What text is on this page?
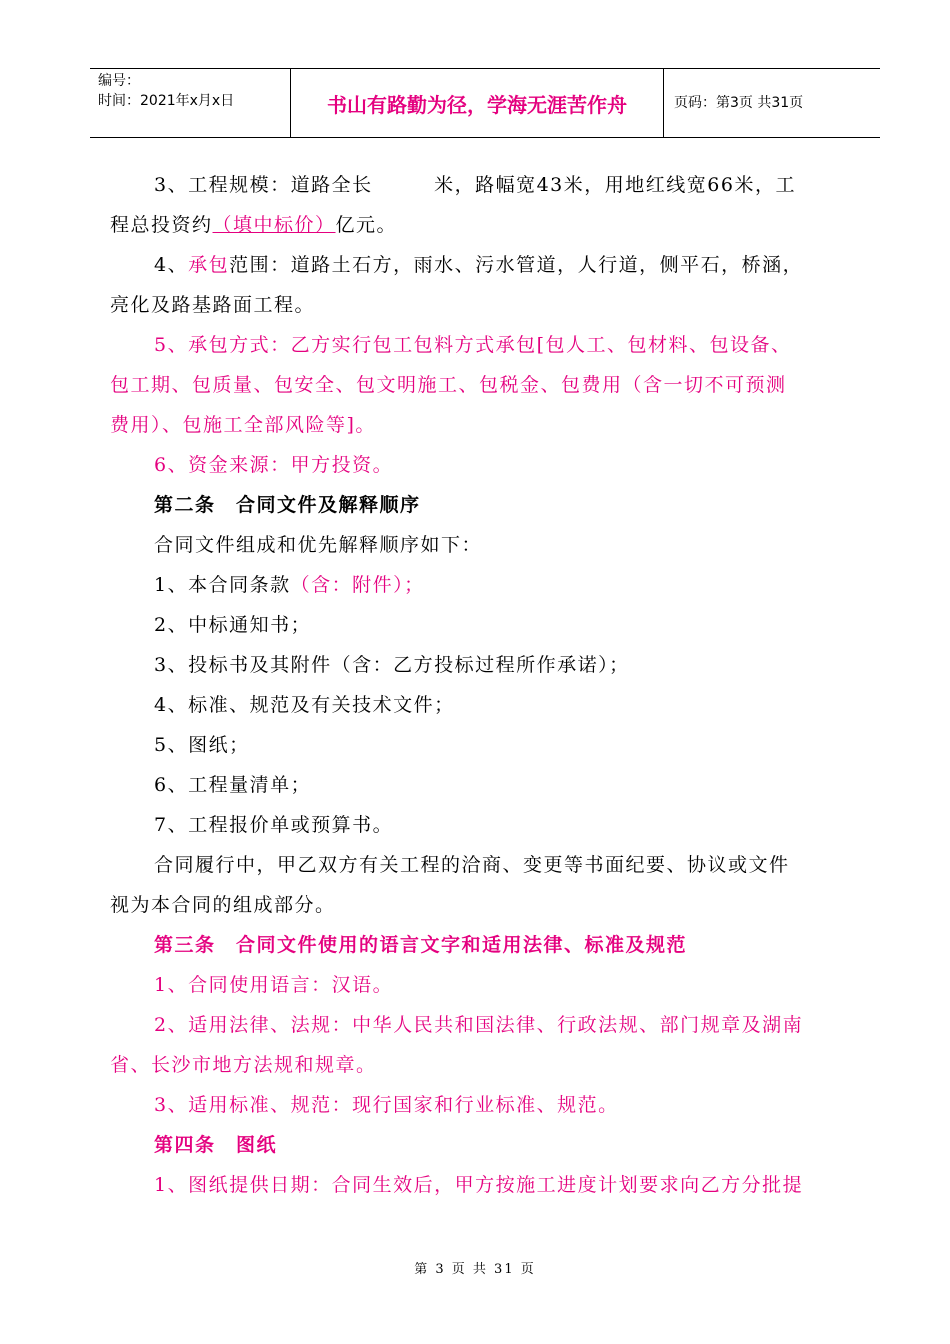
编号：
时间：2021年x月x日	书山有路勤为径，学海无涯苦作舟	页码：第3页 共31页

3、工程规模：道路全长　　　米，路幅宽43米，用地红线宽66米，工

程总投资约（填中标价）亿元。

4、承包范围：道路土石方，雨水、污水管道，人行道，侧平石，桥涵，

亮化及路基路面工程。

5、承包方式：乙方实行包工包料方式承包[包人工、包材料、包设备、

包工期、包质量、包安全、包文明施工、包税金、包费用（含一切不可预测

费用）、包施工全部风险等]。

6、资金来源：甲方投资。

第二条　合同文件及解释顺序

合同文件组成和优先解释顺序如下：

1、本合同条款（含：附件）；

2、中标通知书；

3、投标书及其附件（含：乙方投标过程所作承诺）；

4、标准、规范及有关技术文件；

5、图纸；

6、工程量清单；

7、工程报价单或预算书。

合同履行中，甲乙双方有关工程的洽商、变更等书面纪要、协议或文件

视为本合同的组成部分。

第三条　合同文件使用的语言文字和适用法律、标准及规范

1、合同使用语言：汉语。

2、适用法律、法规：中华人民共和国法律、行政法规、部门规章及湖南

省、长沙市地方法规和规章。

3、适用标准、规范：现行国家和行业标准、规范。

第四条　图纸

1、图纸提供日期：合同生效后，甲方按施工进度计划要求向乙方分批提

第 3 页 共 31 页
